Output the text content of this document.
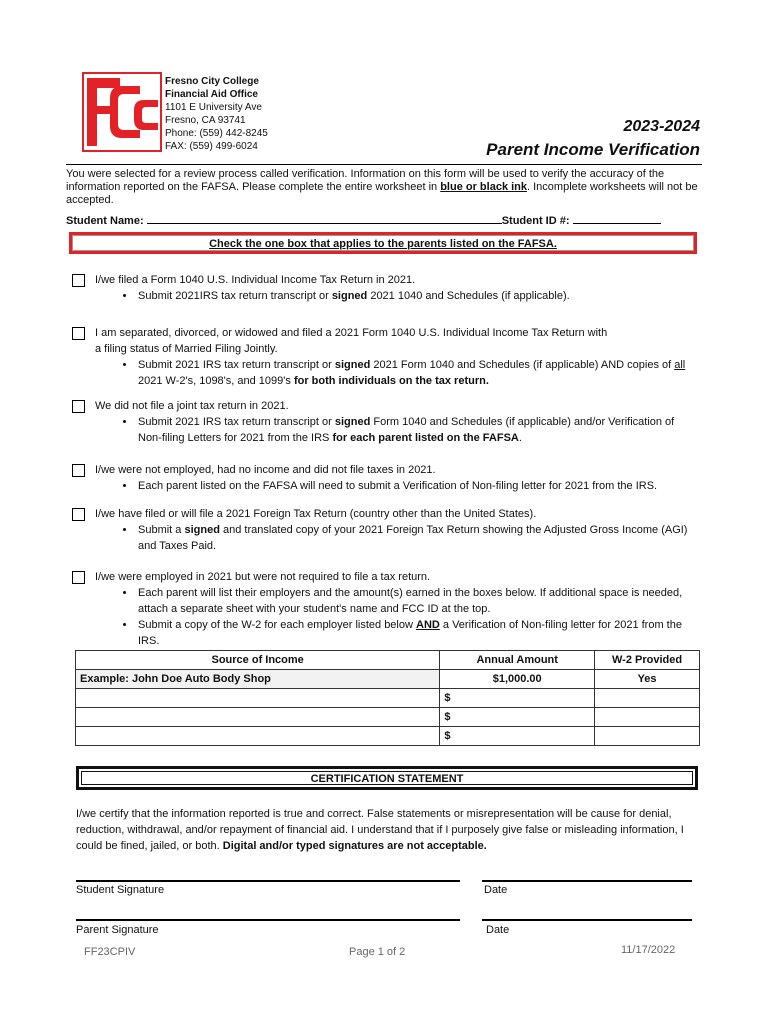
Fresno City College
Financial Aid Office
1101 E University Ave
Fresno, CA 93741
Phone: (559) 442-8245
FAX: (559) 499-6024
2023-2024
Parent Income Verification
You were selected for a review process called verification. Information on this form will be used to verify the accuracy of the information reported on the FAFSA. Please complete the entire worksheet in blue or black ink. Incomplete worksheets will not be accepted.
Student Name:	Student ID #:
Check the one box that applies to the parents listed on the FAFSA.
I/we filed a Form 1040 U.S. Individual Income Tax Return in 2021.
• Submit 2021IRS tax return transcript or signed 2021 1040 and Schedules (if applicable).
I am separated, divorced, or widowed and filed a 2021 Form 1040 U.S. Individual Income Tax Return with
a filing status of Married Filing Jointly.
• Submit 2021 IRS tax return transcript or signed 2021 Form 1040 and Schedules (if applicable) AND copies of all 2021 W-2's, 1098's, and 1099's for both individuals on the tax return.
We did not file a joint tax return in 2021.
• Submit 2021 IRS tax return transcript or signed Form 1040 and Schedules (if applicable) and/or Verification of Non-filing Letters for 2021 from the IRS for each parent listed on the FAFSA.
I/we were not employed, had no income and did not file taxes in 2021.
• Each parent listed on the FAFSA will need to submit a Verification of Non-filing letter for 2021 from the IRS.
I/we have filed or will file a 2021 Foreign Tax Return (country other than the United States).
• Submit a signed and translated copy of your 2021 Foreign Tax Return showing the Adjusted Gross Income (AGI) and Taxes Paid.
I/we were employed in 2021 but were not required to file a tax return.
• Each parent will list their employers and the amount(s) earned in the boxes below. If additional space is needed, attach a separate sheet with your student's name and FCC ID at the top.
• Submit a copy of the W-2 for each employer listed below AND a Verification of Non-filing letter for 2021 from the IRS.
Source of Income	Annual Amount	W-2 Provided
Example: John Doe Auto Body Shop	$1,000.00	Yes
	$	
	$	
	$	
CERTIFICATION STATEMENT
I/we certify that the information reported is true and correct. False statements or misrepresentation will be cause for denial, reduction, withdrawal, and/or repayment of financial aid. I understand that if I purposely give false or misleading information, I could be fined, jailed, or both. Digital and/or typed signatures are not acceptable.
Student Signature	Date
Parent Signature	Date
FF23CPIV	Page 1 of 2	11/17/2022
